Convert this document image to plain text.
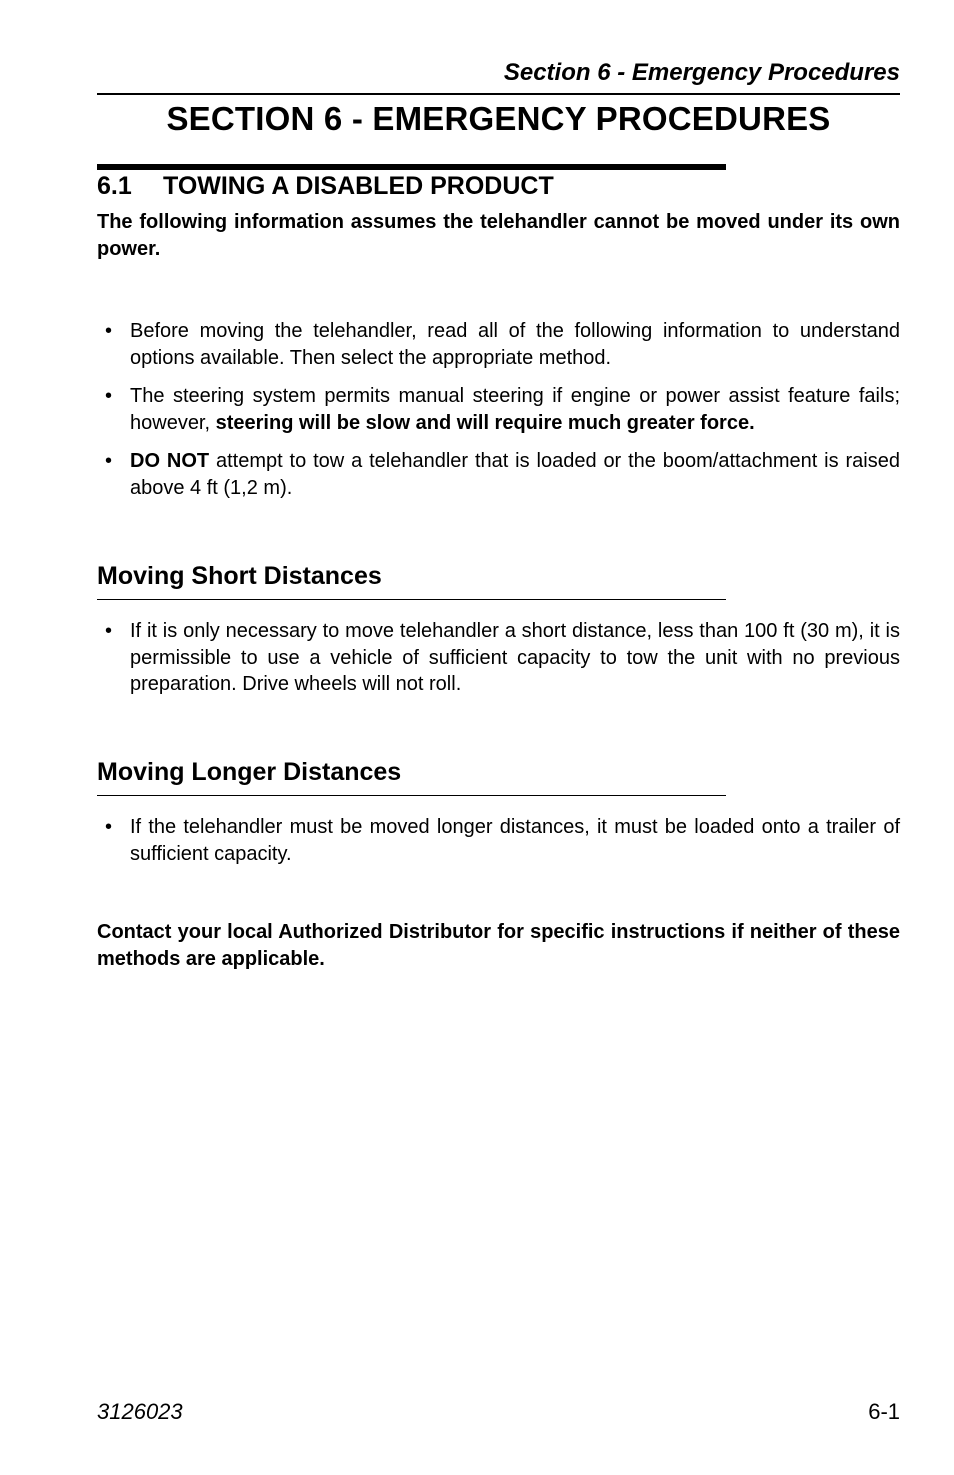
Section 6 - Emergency Procedures
SECTION 6 - EMERGENCY PROCEDURES
6.1 TOWING A DISABLED PRODUCT
The following information assumes the telehandler cannot be moved under its own power.
• Before moving the telehandler, read all of the following information to understand options available. Then select the appropriate method.
• The steering system permits manual steering if engine or power assist feature fails; however, steering will be slow and will require much greater force.
• DO NOT attempt to tow a telehandler that is loaded or the boom/attachment is raised above 4 ft (1,2 m).
Moving Short Distances
• If it is only necessary to move telehandler a short distance, less than 100 ft (30 m), it is permissible to use a vehicle of sufficient capacity to tow the unit with no previous preparation. Drive wheels will not roll.
Moving Longer Distances
• If the telehandler must be moved longer distances, it must be loaded onto a trailer of sufficient capacity.
Contact your local Authorized Distributor for specific instructions if neither of these methods are applicable.
3126023	6-1
